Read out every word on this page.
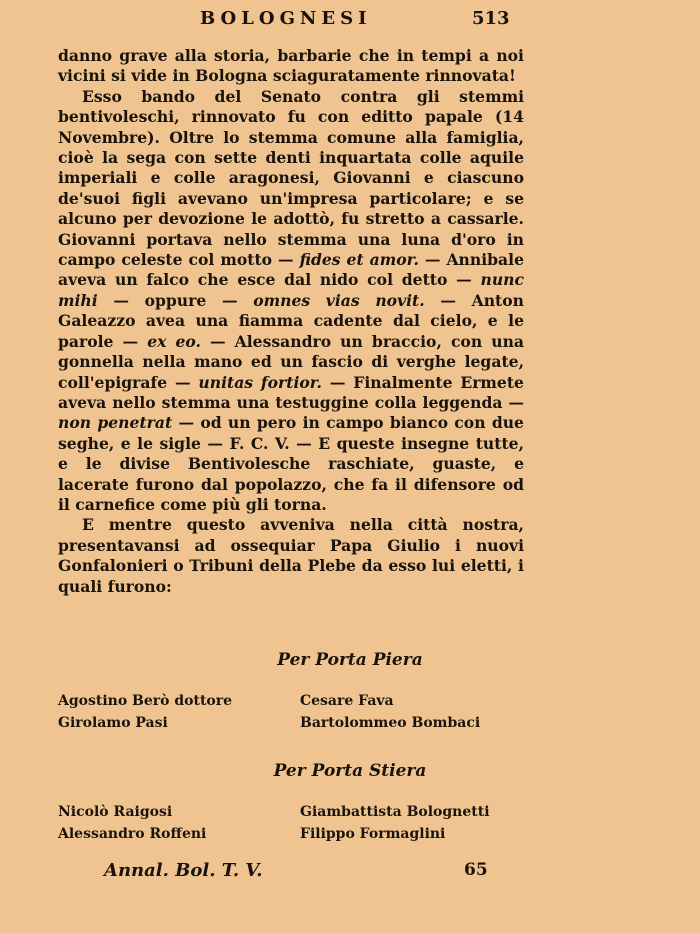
BOLOGNESI	513

danno grave alla storia, barbarie che in tempi a noi vicini si vide in Bologna sciaguratamente rinnovata!

Esso bando del Senato contra gli stemmi bentivoleschi, rinnovato fu con editto papale (14 Novembre). Oltre lo stemma comune alla famiglia, cioè la sega con sette denti inquartata colle aquile imperiali e colle aragonesi, Giovanni e ciascuno de'suoi figli avevano un'impresa particolare; e se alcuno per devozione le adottò, fu stretto a cassarle. Giovanni portava nello stemma una luna d'oro in campo celeste col motto — fides et amor. — Annibale aveva un falco che esce dal nido col detto — nunc mihi — oppure — omnes vias novit. — Anton Galeazzo avea una fiamma cadente dal cielo, e le parole — ex eo. — Alessandro un braccio, con una gonnella nella mano ed un fascio di verghe legate, coll'epigrafe — unitas fortior. — Finalmente Ermete aveva nello stemma una testuggine colla leggenda — non penetrat — od un pero in campo bianco con due seghe, e le sigle — F. C. V. — E queste insegne tutte, e le divise Bentivolesche raschiate, guaste, e lacerate furono dal popolazzo, che fa il difensore od il carnefice come più gli torna.

E mentre questo avveniva nella città nostra, presentavansi ad ossequiar Papa Giulio i nuovi Gonfalonieri o Tribuni della Plebe da esso lui eletti, i quali furono:

Per Porta Piera
Agostino Berò dottore	Cesare Fava
Girolamo Pasi	Bartolommeo Bombaci
Per Porta Stiera
Nicolò Raigosi	Giambattista Bolognetti
Alessandro Roffeni	Filippo Formaglini
Annal. Bol. T. V.	65
